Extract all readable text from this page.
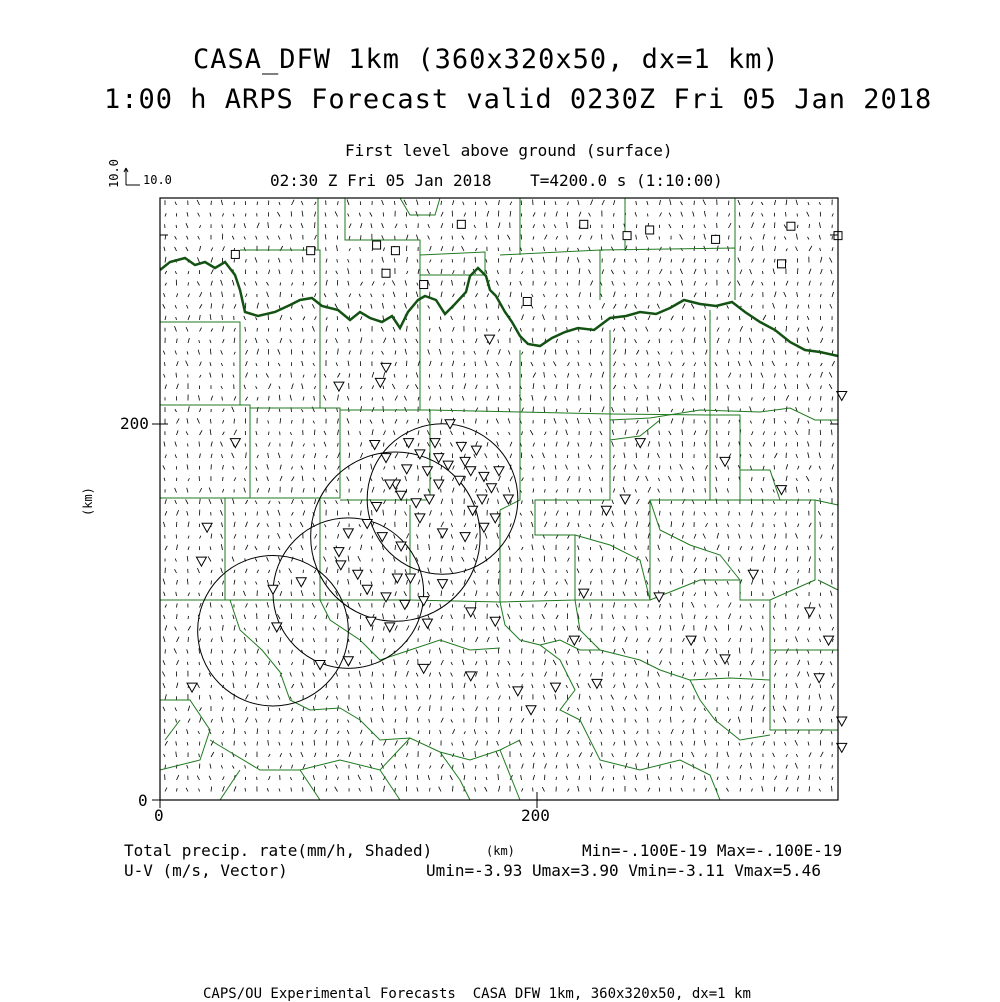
CASA_DFW 1km (360x320x50, dx=1 km)
1:00 h ARPS Forecast valid 0230Z Fri 05 Jan 2018
First level above ground (surface)
02:30 Z Fri 05 Jan 2018    T=4200.0 s (1:10:00)
10.0 10.0
200
0
0	200
(km)
(km)
Total precip. rate(mm/h, Shaded)	Min=-.100E-19 Max=-.100E-19
U-V (m/s, Vector)	Umin=-3.93 Umax=3.90 Vmin=-3.11 Vmax=5.46
CAPS/OU Experimental Forecasts  CASA DFW 1km, 360x320x50, dx=1 km
